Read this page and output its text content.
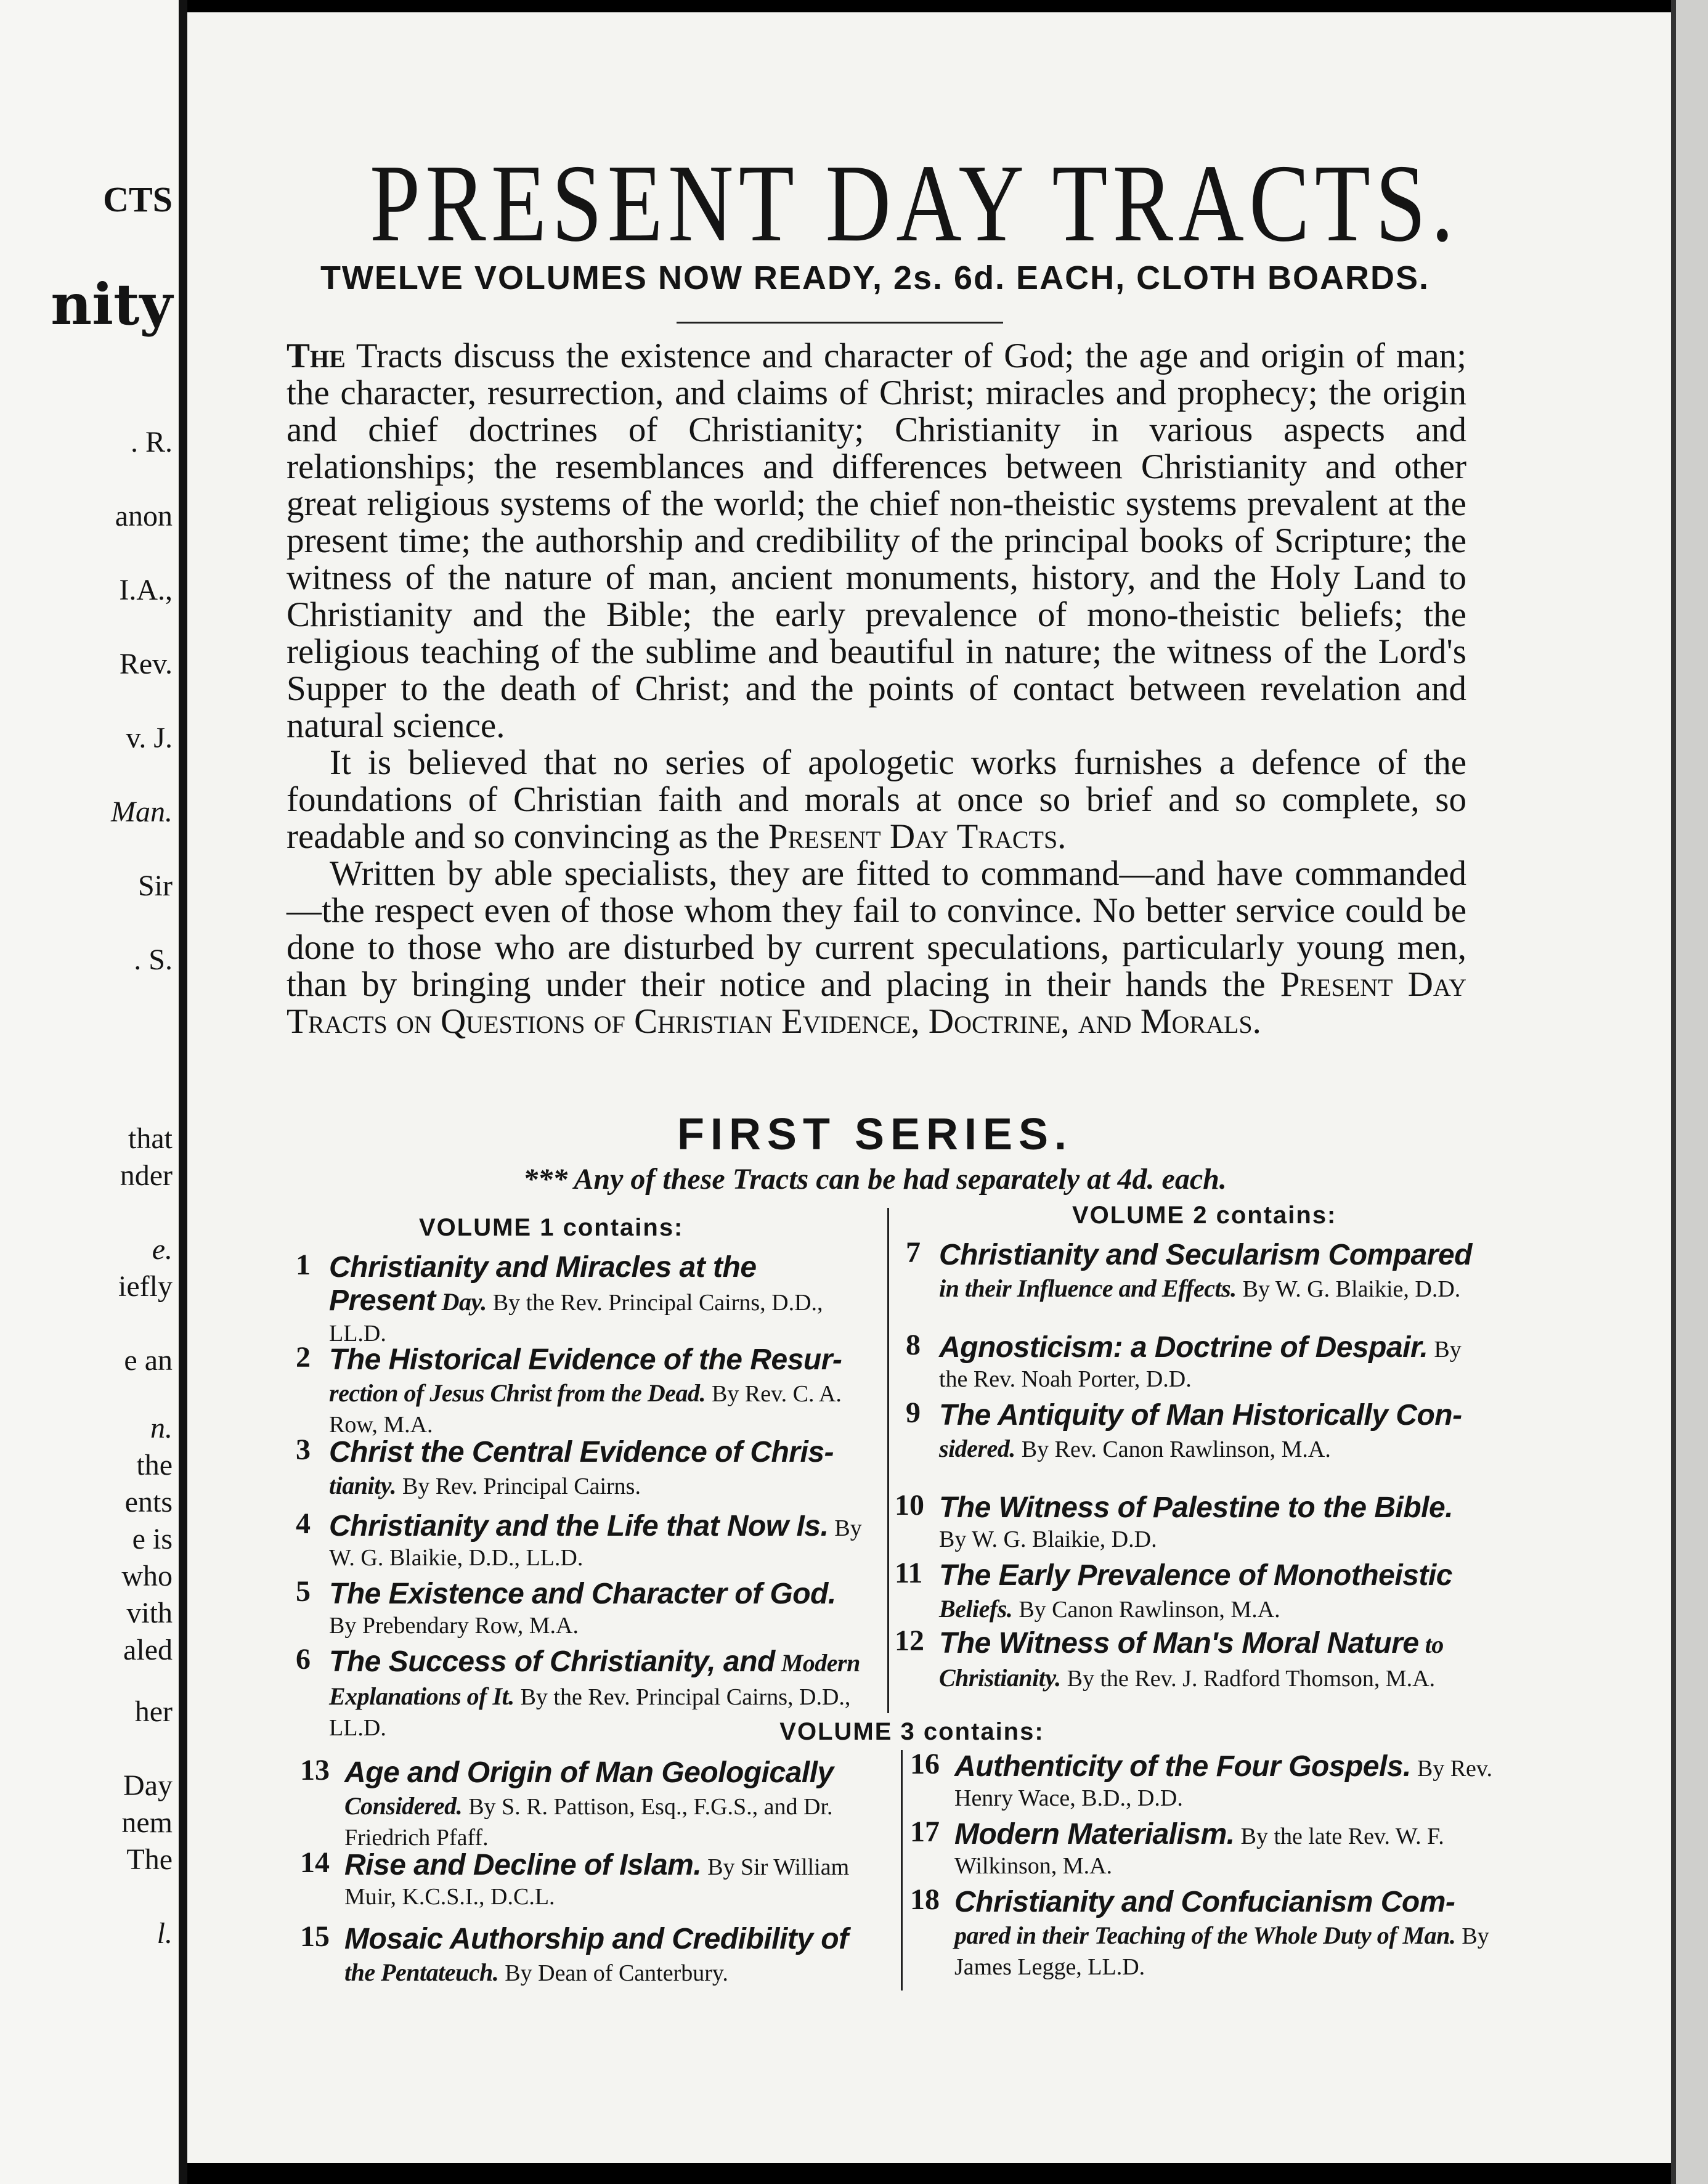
CTS
nity
. R.
anon
I.A.,
Rev.
v. J.
Man.
Sir
. S.
that
nder
e.
iefly
e an
n.
the
ents
e is
who
vith
aled
her
Day
nem
The
l.
PRESENT DAY TRACTS.
TWELVE VOLUMES NOW READY, 2s. 6d. EACH, CLOTH BOARDS.

The Tracts discuss the existence and character of God; the age and origin of man; the character, resurrection, and claims of Christ; miracles and prophecy; the origin and chief doctrines of Christianity; Christianity in various aspects and relationships; the resemblances and differences between Christianity and other great religious systems of the world; the chief non-theistic systems prevalent at the present time; the authorship and credibility of the principal books of Scripture; the witness of the nature of man, ancient monuments, history, and the Holy Land to Christianity and the Bible; the early prevalence of mono-theistic beliefs; the religious teaching of the sublime and beautiful in nature; the witness of the Lord's Supper to the death of Christ; and the points of contact between revelation and natural science.

It is believed that no series of apologetic works furnishes a defence of the foundations of Christian faith and morals at once so brief and so complete, so readable and so convincing as the Present Day Tracts.

Written by able specialists, they are fitted to command—and have commanded—the respect even of those whom they fail to convince. No better service could be done to those who are disturbed by current speculations, particularly young men, than by bringing under their notice and placing in their hands the Present Day Tracts on Questions of Christian Evidence, Doctrine, and Morals.

FIRST SERIES.
*** Any of these Tracts can be had separately at 4d. each.
VOLUME 1 contains:	VOLUME 2 contains:
1 Christianity and Miracles at the Present Day. By the Rev. Principal Cairns, D.D., LL.D.
2 The Historical Evidence of the Resur- rection of Jesus Christ from the Dead. By Rev. C. A. Row, M.A.
3 Christ the Central Evidence of Chris- tianity. By Rev. Principal Cairns.
4 Christianity and the Life that Now Is. By W. G. Blaikie, D.D., LL.D.
5 The Existence and Character of God. By Prebendary Row, M.A.
6 The Success of Christianity, and Modern Explanations of It. By the Rev. Principal Cairns, D.D., LL.D.
7 Christianity and Secularism Compared in their Influence and Effects. By W. G. Blaikie, D.D.
8 Agnosticism: a Doctrine of Despair. By the Rev. Noah Porter, D.D.
9 The Antiquity of Man Historically Con- sidered. By Rev. Canon Rawlinson, M.A.
10 The Witness of Palestine to the Bible. By W. G. Blaikie, D.D.
11 The Early Prevalence of Monotheistic Beliefs. By Canon Rawlinson, M.A.
12 The Witness of Man's Moral Nature to Christianity. By the Rev. J. Radford Thomson, M.A.
VOLUME 3 contains:
13 Age and Origin of Man Geologically Considered. By S. R. Pattison, Esq., F.G.S., and Dr. Friedrich Pfaff.
14 Rise and Decline of Islam. By Sir William Muir, K.C.S.I., D.C.L.
15 Mosaic Authorship and Credibility of the Pentateuch. By Dean of Canterbury.
16 Authenticity of the Four Gospels. By Rev. Henry Wace, B.D., D.D.
17 Modern Materialism. By the late Rev. W. F. Wilkinson, M.A.
18 Christianity and Confucianism Com- pared in their Teaching of the Whole Duty of Man. By James Legge, LL.D.
